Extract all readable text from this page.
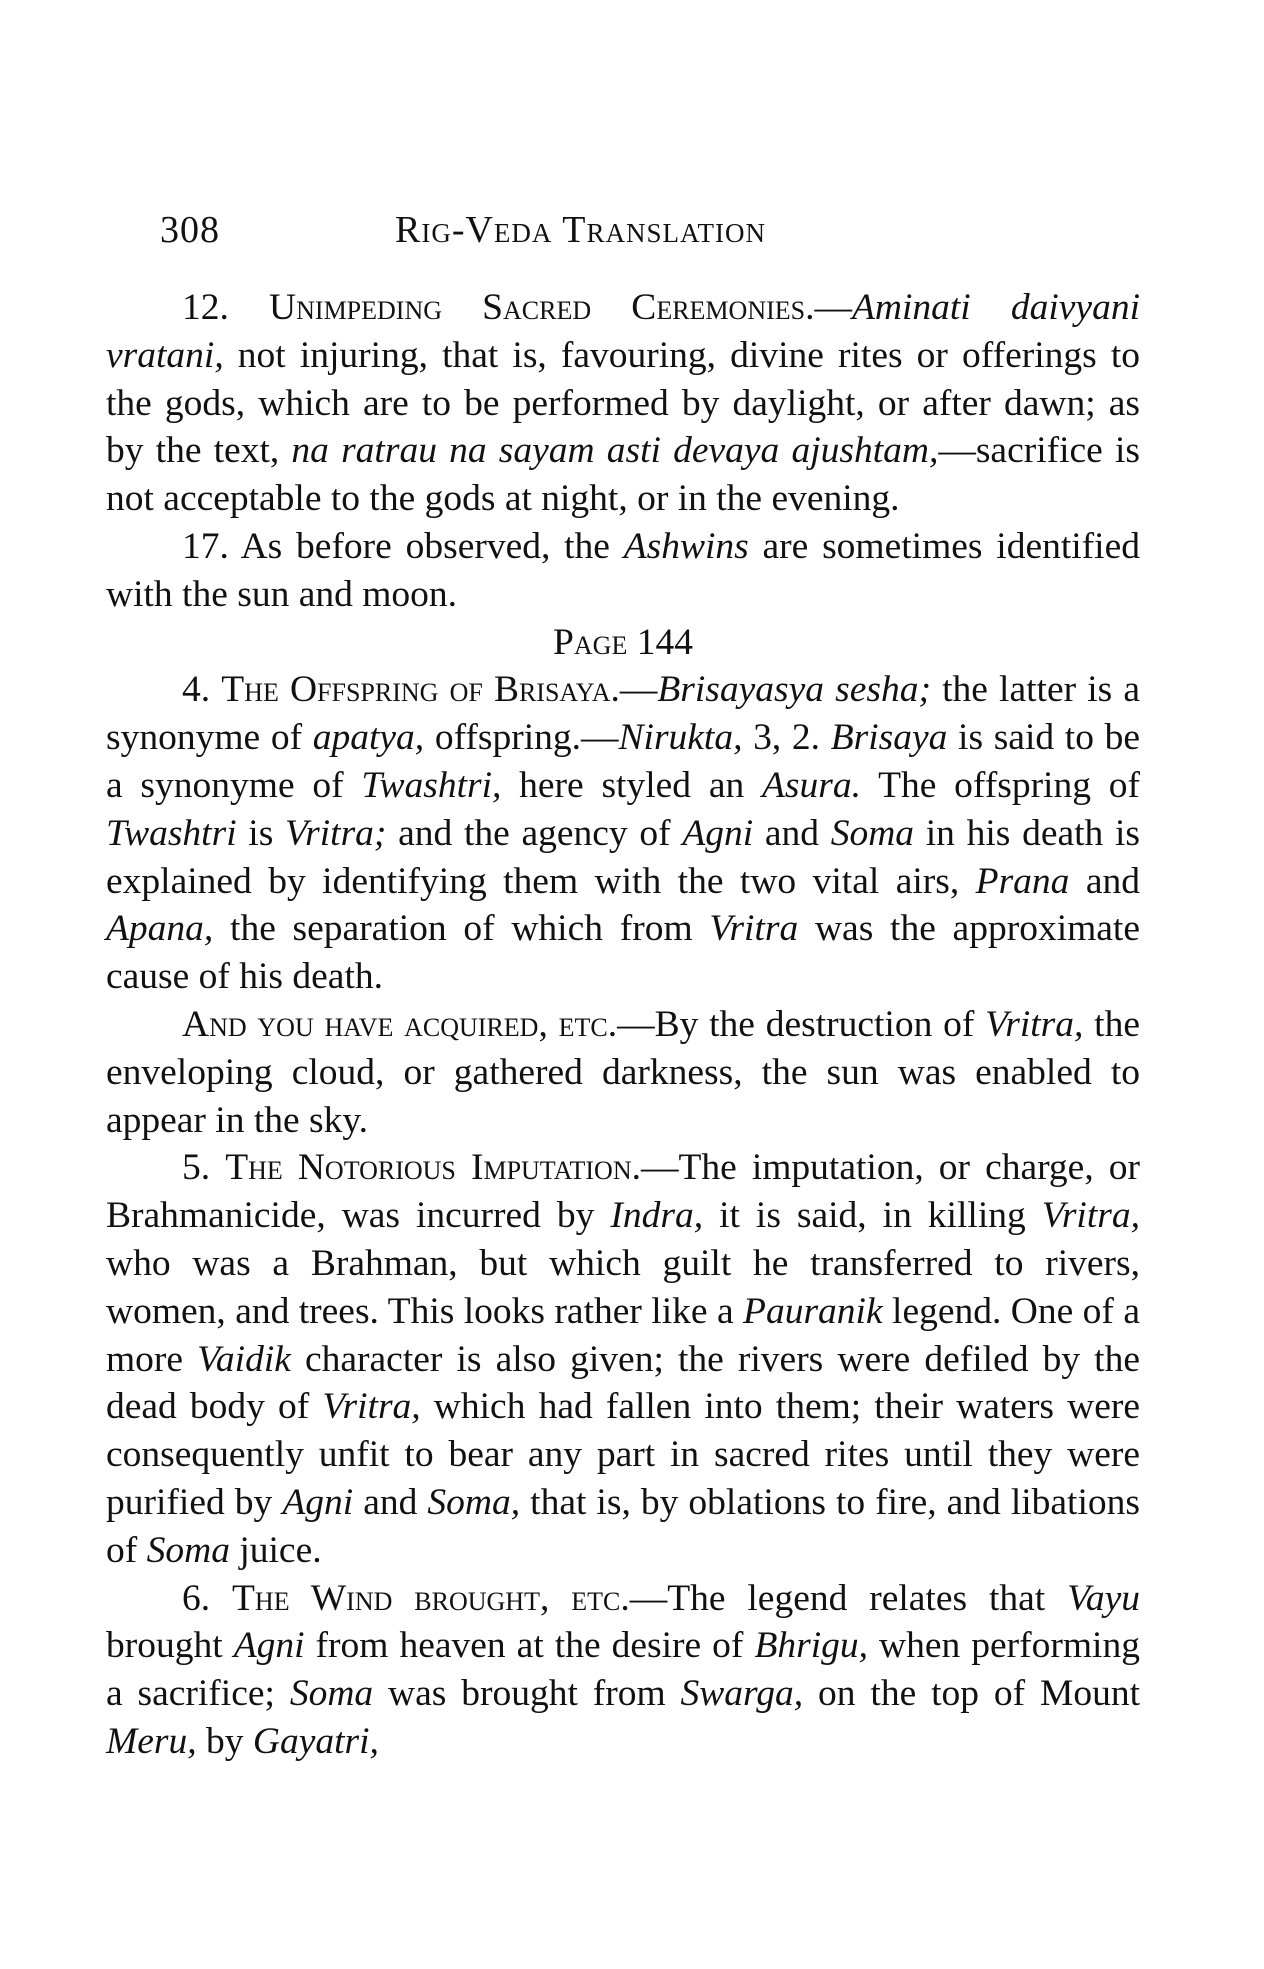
308	Rig-Veda Translation

12. Unimpeding Sacred Ceremonies.—Aminati daivyani vratani, not injuring, that is, favouring, divine rites or offerings to the gods, which are to be performed by daylight, or after dawn; as by the text, na ratrau na sayam asti devaya ajushtam,—sacrifice is not acceptable to the gods at night, or in the evening.

17. As before observed, the Ashwins are sometimes identified with the sun and moon.

Page 144

4. The Offspring of Brisaya.—Brisayasya sesha; the latter is a synonyme of apatya, offspring.—Nirukta, 3, 2. Brisaya is said to be a synonyme of Twashtri, here styled an Asura. The offspring of Twashtri is Vritra; and the agency of Agni and Soma in his death is explained by identifying them with the two vital airs, Prana and Apana, the separation of which from Vritra was the approximate cause of his death.

And you have acquired, etc.—By the destruction of Vritra, the enveloping cloud, or gathered darkness, the sun was enabled to appear in the sky.

5. The Notorious Imputation.—The imputation, or charge, or Brahmanicide, was incurred by Indra, it is said, in killing Vritra, who was a Brahman, but which guilt he transferred to rivers, women, and trees. This looks rather like a Pauranik legend. One of a more Vaidik character is also given; the rivers were defiled by the dead body of Vritra, which had fallen into them; their waters were consequently unfit to bear any part in sacred rites until they were purified by Agni and Soma, that is, by oblations to fire, and libations of Soma juice.

6. The Wind brought, etc.—The legend relates that Vayu brought Agni from heaven at the desire of Bhrigu, when performing a sacrifice; Soma was brought from Swarga, on the top of Mount Meru, by Gayatri,
